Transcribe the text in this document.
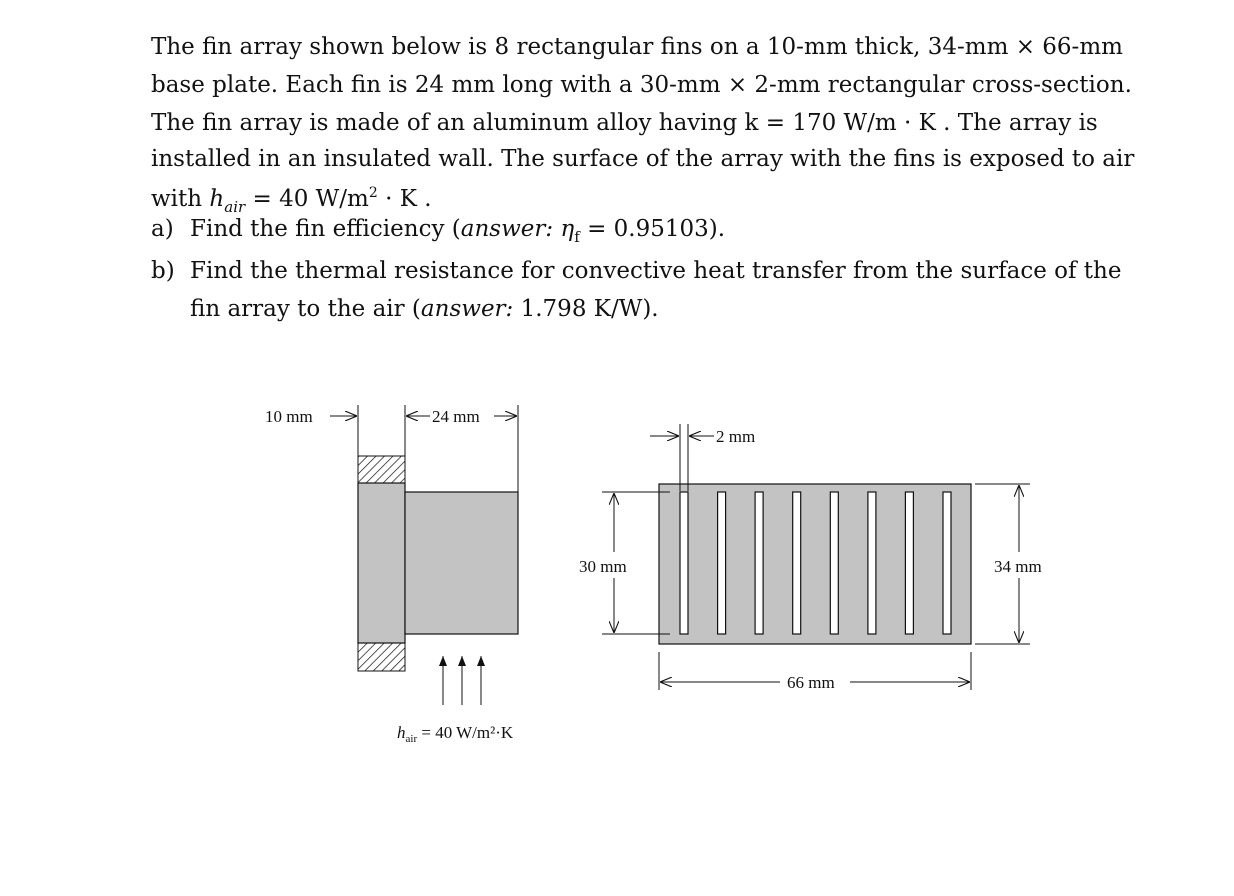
The fin array shown below is 8 rectangular fins on a 10-mm thick, 34-mm × 66-mm
base plate. Each fin is 24 mm long with a 30-mm × 2-mm rectangular cross-section.
The fin array is made of an aluminum alloy having k = 170 W/m · K . The array is
installed in an insulated wall. The surface of the array with the fins is exposed to air
with $h_{air} = 40$ $W/m^2 \cdot K$ .
a) Find the fin efficiency (answer: $\eta_f = 0.95103$).
b) Find the thermal resistance for convective heat transfer from the surface of the fin array to the air (answer: 1.798 K/W).
10 mm	24 mm
$h_{air} = 40$ W/m²·K
2 mm
30 mm	34 mm
66 mm
